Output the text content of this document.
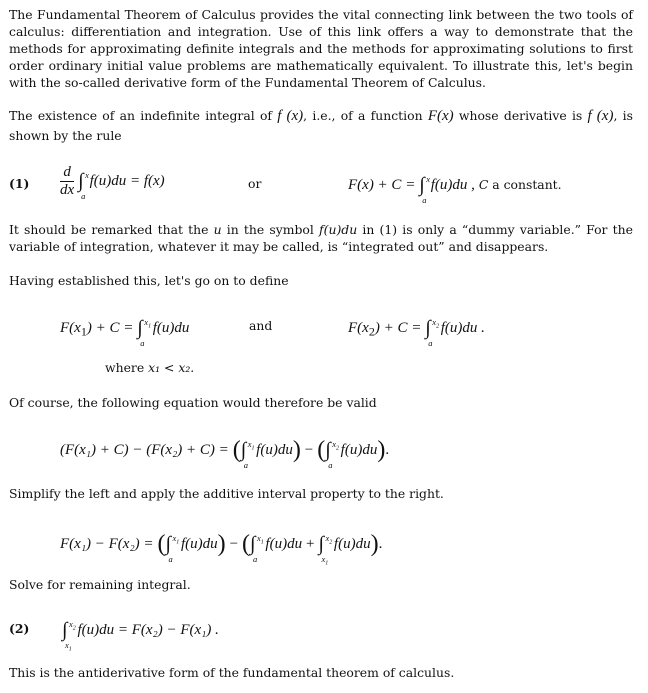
The Fundamental Theorem of Calculus provides the vital connecting link between the two tools of calculus: differentiation and integration. Use of this link offers a way to demonstrate that the methods for approximating definite integrals and the methods for approximating solutions to first order ordinary initial value problems are mathematically equivalent. To illustrate this, let's begin with the so-called derivative form of the Fundamental Theorem of Calculus.
The existence of an indefinite integral of f (x), i.e., of a function F(x) whose derivative is f (x), is shown by the rule
$(1) \frac{d}{dx}$ ∫ x
a
f(u)du = f(x)	or	F(x) + C = ∫ x
a
f(u)du , C a constant.
It should be remarked that the u in the symbol f(u)du in (1) is only a “dummy variable.” For the variable of integration, whatever it may be called, is “integrated out” and disappears.
Having established this, let's go on to define
$F(x_1) + C$ = ∫ $x_1$
a
f(u)du	and	$F(x_2) + C$ = ∫ $x_2$
a
f(u)du .
where x₁ < x₂.
Of course, the following equation would therefore be valid
(F(x₁) + C) − (F(x₂) + C) = (∫ $x_1$
a
f(u)du) − (∫ $x_2$
a
f(u)du).
Simplify the left and apply the additive interval property to the right.
F(x₁) − F(x₂) = (∫ $x_1$
a
f(u)du) − (∫ $x_1$
a
f(u)du + ∫ $x_2$
$x_1$
f(u)du).
Solve for remaining integral.
(2) ∫ $x_2$
$x_1$
f(u)du = F(x₂) − F(x₁) .
This is the antiderivative form of the fundamental theorem of calculus.
